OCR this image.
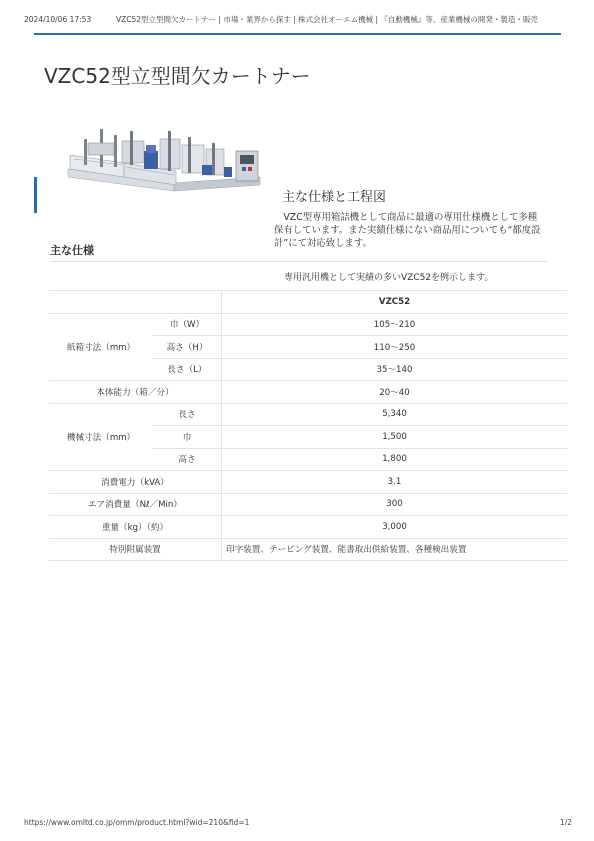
2024/10/06 17:53	VZC52型立型間欠カートナー | 市場・業界から探す | 株式会社オーエム機械 | 『自動機械』等、産業機械の開発・製造・販売
VZC52型立型間欠カートナー
主な仕様と工程図

VZC型専用箱詰機として商品に最適の専用仕様機として多種保有しています。また実績仕様にない商品用についても“都度設計”にて対応致します。

主な仕様

専用汎用機として実績の多いVZC52を例示します。

		VZC52
紙箱寸法（mm）	巾（W）	105～210
	高さ（H）	110～250
	長さ（L）	35～140
本体能力（箱／分）		20～40
機械寸法（mm）	長さ	5,340
	巾	1,500
	高さ	1,800
消費電力（kVA）		3.1
エア消費量（Nℓ／Min）		300
重量（kg）（約）		3,000
特別附属装置		印字装置、テーピング装置、能書取出供給装置、各種検出装置
https://www.omltd.co.jp/omm/product.html?wid=210&fid=1	1/2
